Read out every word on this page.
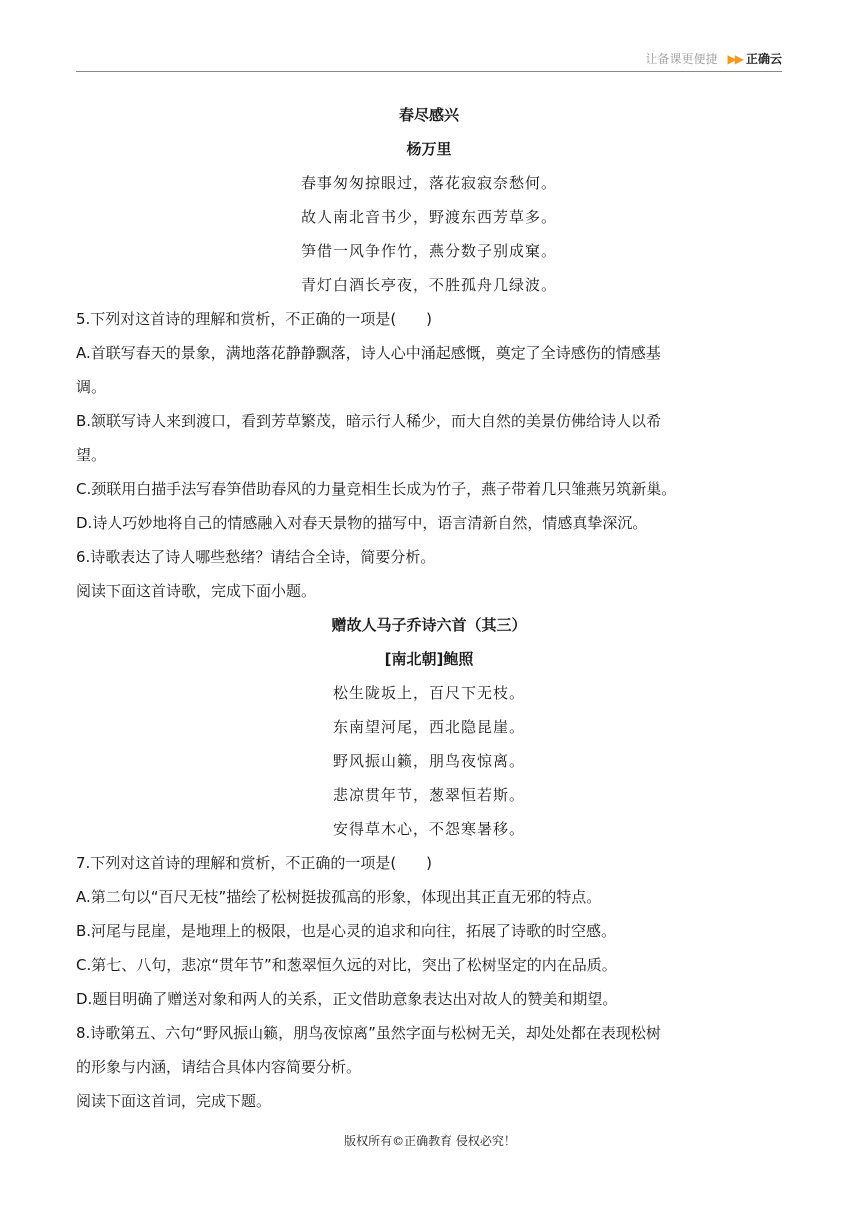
让备课更便捷 ▶▶ 正确云
春尽感兴
杨万里
春事匆匆掠眼过，落花寂寂奈愁何。
故人南北音书少，野渡东西芳草多。
笋借一风争作竹，燕分数子别成窠。
青灯白酒长亭夜，不胜孤舟几绿波。
5.下列对这首诗的理解和赏析，不正确的一项是(　　)
A.首联写春天的景象，满地落花静静飘落，诗人心中涌起感慨，奠定了全诗感伤的情感基
调。
B.颔联写诗人来到渡口，看到芳草繁茂，暗示行人稀少，而大自然的美景仿佛给诗人以希
望。
C.颈联用白描手法写春笋借助春风的力量竞相生长成为竹子，燕子带着几只雏燕另筑新巢。
D.诗人巧妙地将自己的情感融入对春天景物的描写中，语言清新自然，情感真挚深沉。
6.诗歌表达了诗人哪些愁绪？请结合全诗，简要分析。
阅读下面这首诗歌，完成下面小题。
赠故人马子乔诗六首（其三）
[南北朝]鲍照
松生陇坂上，百尺下无枝。
东南望河尾，西北隐昆崖。
野风振山籁，朋鸟夜惊离。
悲凉贯年节，葱翠恒若斯。
安得草木心，不怨寒暑移。
7.下列对这首诗的理解和赏析，不正确的一项是(　　)
A.第二句以“百尺无枝”描绘了松树挺拔孤高的形象，体现出其正直无邪的特点。
B.河尾与昆崖，是地理上的极限，也是心灵的追求和向往，拓展了诗歌的时空感。
C.第七、八句，悲凉“贯年节”和葱翠恒久远的对比，突出了松树坚定的内在品质。
D.题目明确了赠送对象和两人的关系，正文借助意象表达出对故人的赞美和期望。
8.诗歌第五、六句“野风振山籁，朋鸟夜惊离”虽然字面与松树无关，却处处都在表现松树
的形象与内涵，请结合具体内容简要分析。
阅读下面这首词，完成下题。
版权所有©正确教育 侵权必究！
